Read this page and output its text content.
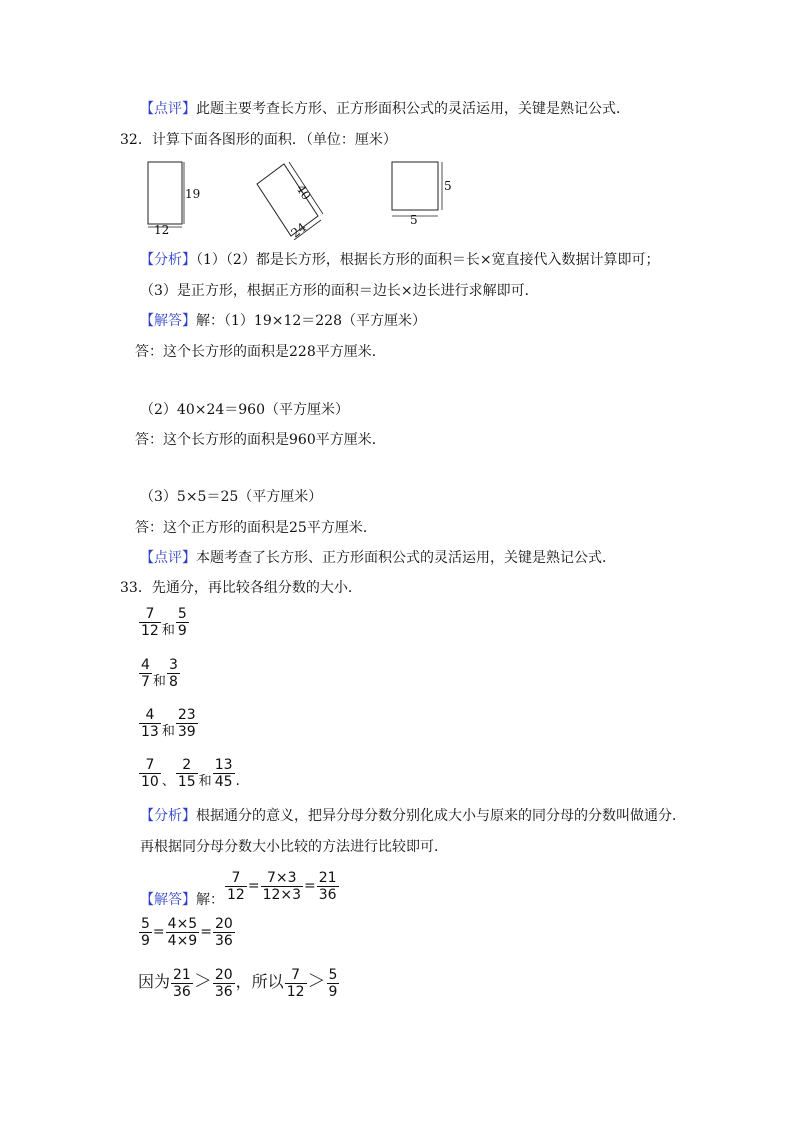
【点评】此题主要考查长方形、正方形面积公式的灵活运用，关键是熟记公式．
32．计算下面各图形的面积．（单位：厘米）
19
12
40
24
5
5
【分析】（1）（2）都是长方形，根据长方形的面积＝长×宽直接代入数据计算即可；
（3）是正方形，根据正方形的面积＝边长×边长进行求解即可．
【解答】解：（1）19×12＝228（平方厘米）
答：这个长方形的面积是228平方厘米．
（2）40×24＝960（平方厘米）
答：这个长方形的面积是960平方厘米．
（3）5×5＝25（平方厘米）
答：这个正方形的面积是25平方厘米．
【点评】本题考查了长方形、正方形面积公式的灵活运用，关键是熟记公式．
33．先通分，再比较各组分数的大小．
$\frac{7}{12}$ 和 $\frac{5}{9}$
$\frac{4}{7}$ 和 $\frac{3}{8}$
$\frac{4}{13}$ 和 $\frac{23}{39}$
$\frac{7}{10}$ 、 $\frac{2}{15}$ 和 $\frac{13}{45}$ .
【分析】根据通分的意义，把异分母分数分别化成大小与原来的同分母的分数叫做通分．
再根据同分母分数大小比较的方法进行比较即可．
【解答】解： $\frac{7}{12} = \frac{7\times 3}{12\times 3} = \frac{21}{36}$
$\frac{5}{9} = \frac{4\times 5}{4\times 9} = \frac{20}{36}$
因为 $\frac{21}{36} > \frac{20}{36}$ ，所以 $\frac{7}{12} > \frac{5}{9}$
